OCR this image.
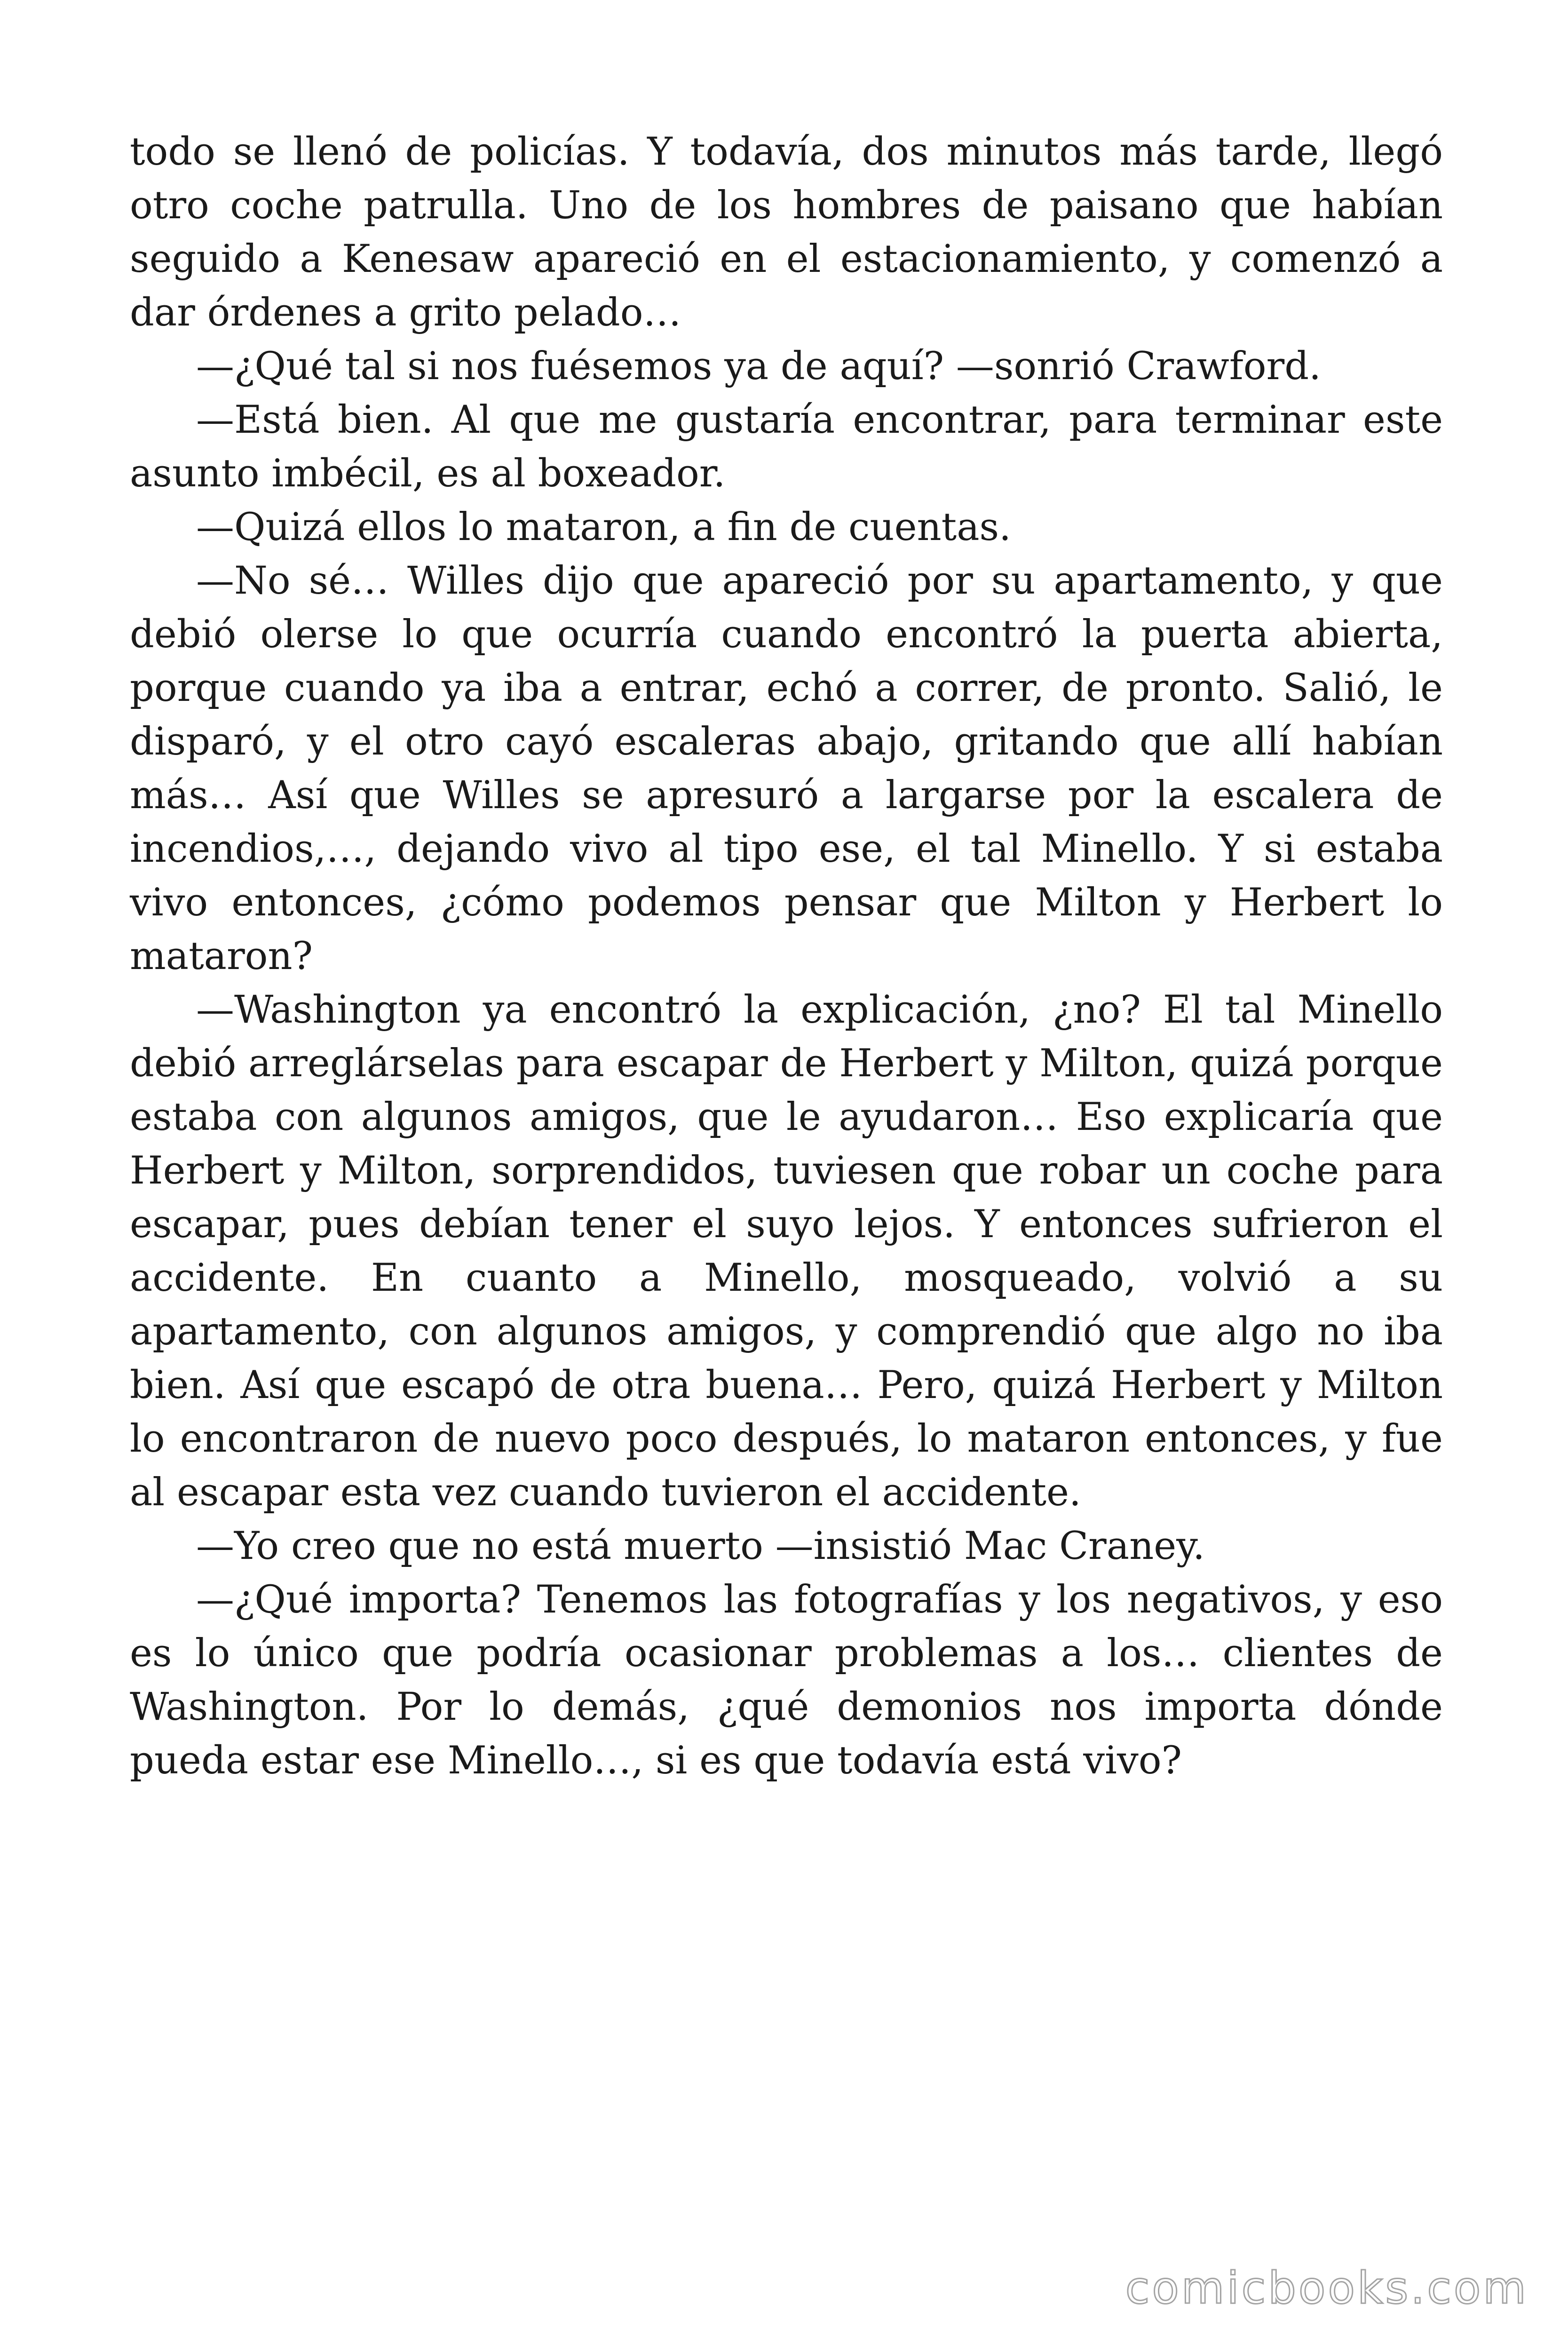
todo se llenó de policías. Y todavía, dos minutos más tarde, llegó otro coche patrulla. Uno de los hombres de paisano que habían seguido a Kenesaw apareció en el estacionamiento, y comenzó a dar órdenes a grito pelado…

—¿Qué tal si nos fuésemos ya de aquí? —sonrió Crawford.

—Está bien. Al que me gustaría encontrar, para terminar este asunto imbécil, es al boxeador.

—Quizá ellos lo mataron, a fin de cuentas.

—No sé… Willes dijo que apareció por su apartamento, y que debió olerse lo que ocurría cuando encontró la puerta abierta, porque cuando ya iba a entrar, echó a correr, de pronto. Salió, le disparó, y el otro cayó escaleras abajo, gritando que allí habían más… Así que Willes se apresuró a largarse por la escalera de incendios,…, dejando vivo al tipo ese, el tal Minello. Y si estaba vivo entonces, ¿cómo podemos pensar que Milton y Herbert lo mataron?

—Washington ya encontró la explicación, ¿no? El tal Minello debió arreglárselas para escapar de Herbert y Milton, quizá porque estaba con algunos amigos, que le ayudaron… Eso explicaría que Herbert y Milton, sorprendidos, tuviesen que robar un coche para escapar, pues debían tener el suyo lejos. Y entonces sufrieron el accidente. En cuanto a Minello, mosqueado, volvió a su apartamento, con algunos amigos, y comprendió que algo no iba bien. Así que escapó de otra buena… Pero, quizá Herbert y Milton lo encontraron de nuevo poco después, lo mataron entonces, y fue al escapar esta vez cuando tuvieron el accidente.

—Yo creo que no está muerto —insistió Mac Craney.

—¿Qué importa? Tenemos las fotografías y los negativos, y eso es lo único que podría ocasionar problemas a los… clientes de Washington. Por lo demás, ¿qué demonios nos importa dónde pueda estar ese Minello…, si es que todavía está vivo?

comicbooks.com
